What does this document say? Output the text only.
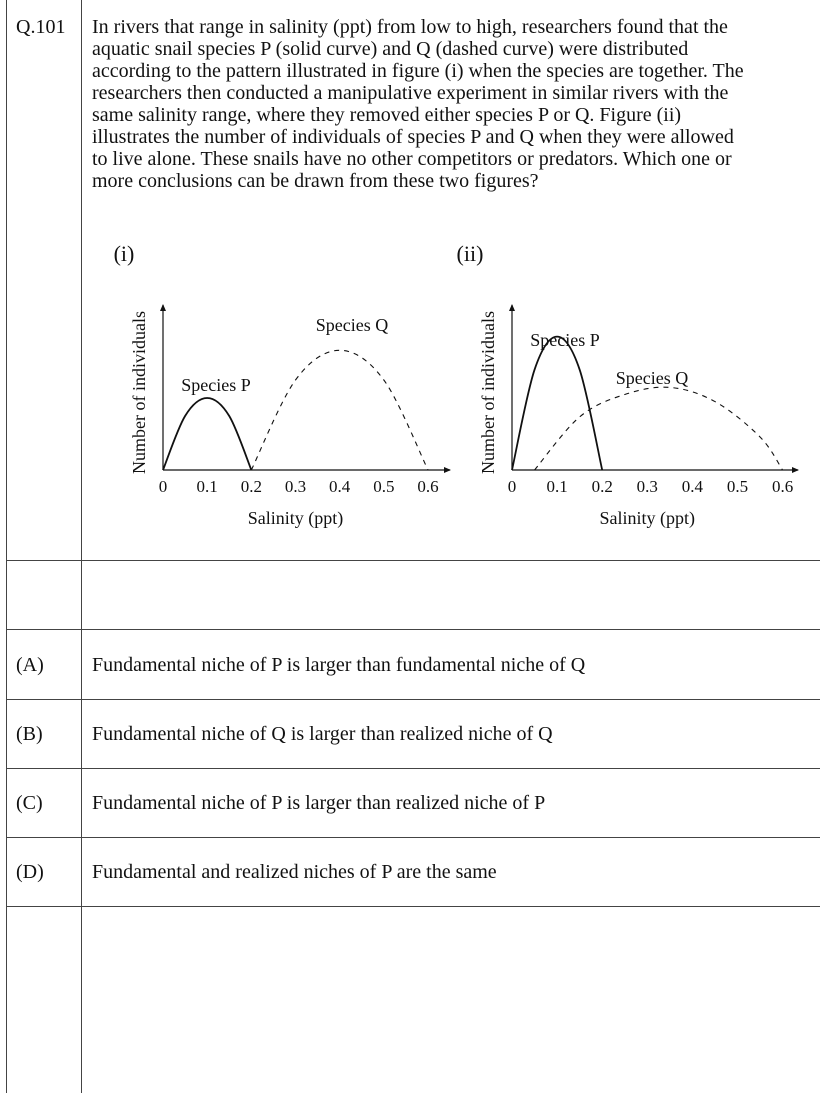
Q.101 In rivers that range in salinity (ppt) from low to high, researchers found that the
aquatic snail species P (solid curve) and Q (dashed curve) were distributed
according to the pattern illustrated in figure (i) when the species are together. The
researchers then conducted a manipulative experiment in similar rivers with the
same salinity range, where they removed either species P or Q. Figure (ii)
illustrates the number of individuals of species P and Q when they were allowed
to live alone. These snails have no other competitors or predators. Which one or
more conclusions can be drawn from these two figures?
(i)
0 0.1 0.2 0.3 0.4 0.5 0.6
Salinity (ppt)
Number of individuals Species P
Species Q
(ii)
0 0.1 0.2 0.3 0.4 0.5 0.6
Salinity (ppt)
Number of individuals Species P
Species Q
(A) Fundamental niche of P is larger than fundamental niche of Q
(B) Fundamental niche of Q is larger than realized niche of Q
(C) Fundamental niche of P is larger than realized niche of P
(D) Fundamental and realized niches of P are the same
